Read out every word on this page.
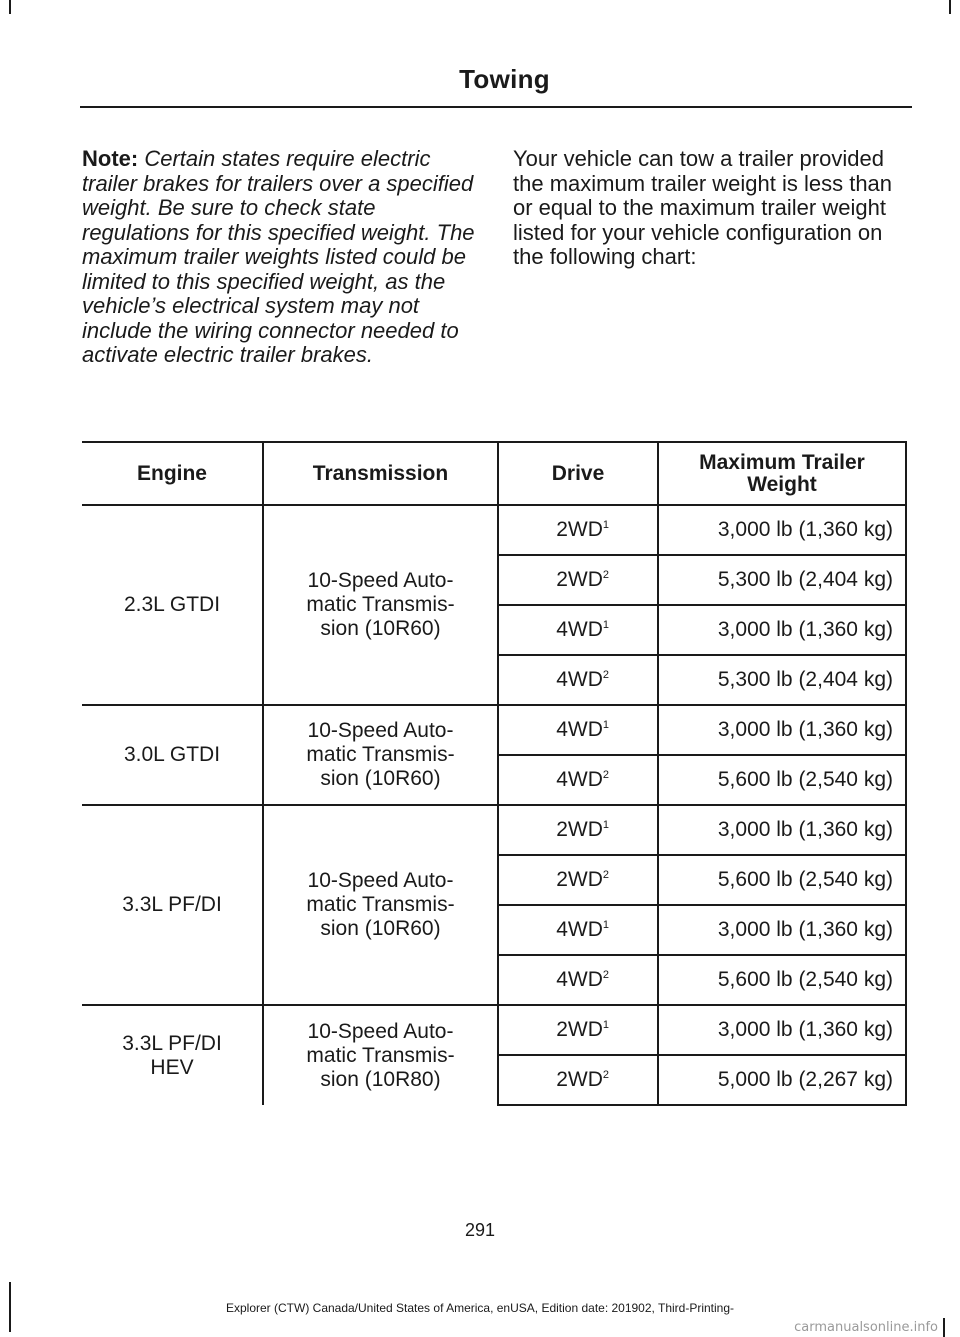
Towing
Note: Certain states require electric trailer brakes for trailers over a specified weight. Be sure to check state regulations for this specified weight. The maximum trailer weights listed could be limited to this specified weight, as the vehicle’s electrical system may not include the wiring connector needed to activate electric trailer brakes.
Your vehicle can tow a trailer provided the maximum trailer weight is less than or equal to the maximum trailer weight listed for your vehicle configuration on the following chart:
Engine	Transmission	Drive	Maximum Trailer
Weight
2.3L GTDI	10-Speed Auto-
matic Transmis-
sion (10R60)	2WD$^1$	3,000 lb (1,360 kg)
		2WD$^2$	5,300 lb (2,404 kg)
		4WD$^1$	3,000 lb (1,360 kg)
		4WD$^2$	5,300 lb (2,404 kg)
3.0L GTDI	10-Speed Auto-
matic Transmis-
sion (10R60)	4WD$^1$	3,000 lb (1,360 kg)
		4WD$^2$	5,600 lb (2,540 kg)
3.3L PF/DI	10-Speed Auto-
matic Transmis-
sion (10R60)	2WD$^1$	3,000 lb (1,360 kg)
		2WD$^2$	5,600 lb (2,540 kg)
		4WD$^1$	3,000 lb (1,360 kg)
		4WD$^2$	5,600 lb (2,540 kg)
3.3L PF/DI
HEV	10-Speed Auto-
matic Transmis-
sion (10R80)	2WD$^1$	3,000 lb (1,360 kg)
		2WD$^2$	5,000 lb (2,267 kg)
291
Explorer (CTW) Canada/United States of America, enUSA, Edition date: 201902, Third-Printing-
carmanualsonline.info
